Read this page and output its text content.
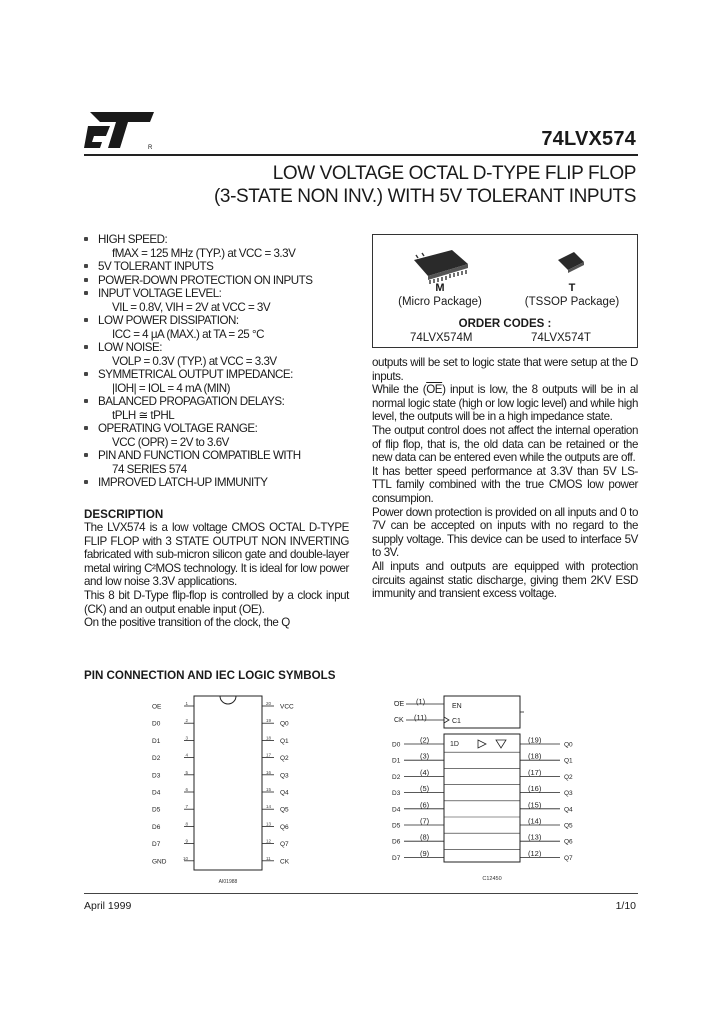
R	74LVX574
LOW VOLTAGE OCTAL D-TYPE FLIP FLOP
(3-STATE NON INV.) WITH 5V TOLERANT INPUTS
HIGH SPEED:
fMAX = 125 MHz (TYP.) at VCC = 3.3V
5V TOLERANT INPUTS
POWER-DOWN PROTECTION ON INPUTS
INPUT VOLTAGE LEVEL:
VIL = 0.8V, VIH = 2V at VCC = 3V
LOW POWER DISSIPATION:
ICC = 4 μA (MAX.) at TA = 25 °C
LOW NOISE:
VOLP = 0.3V (TYP.) at VCC = 3.3V
SYMMETRICAL OUTPUT IMPEDANCE:
|IOH| = IOL = 4 mA (MIN)
BALANCED PROPAGATION DELAYS:
tPLH ≅ tPHL
OPERATING VOLTAGE RANGE:
VCC (OPR) = 2V to 3.6V
PIN AND FUNCTION COMPATIBLE WITH
74 SERIES 574
IMPROVED LATCH-UP IMMUNITY
M
(Micro Package)
T
(TSSOP Package)
ORDER CODES :
74LVX574M	74LVX574T
DESCRIPTION

The LVX574 is a low voltage CMOS OCTAL D-TYPE FLIP FLOP with 3 STATE OUTPUT NON INVERTING fabricated with sub-micron silicon gate and double-layer metal wiring C²MOS technology. It is ideal for low power and low noise 3.3V applications.

This 8 bit D-Type flip-flop is controlled by a clock input (CK) and an output enable input (OE).

On the positive transition of the clock, the Q

outputs will be set to logic state that were setup at the D inputs.

While the $(\overline{OE})$ input is low, the 8 outputs will be in al normal logic state (high or low logic level) and while high level, the outputs will be in a high impedance state.

The output control does not affect the internal operation of flip flop, that is, the old data can be retained or the new data can be entered even while the outputs are off.

It has better speed performance at 3.3V than 5V LS-TTL family combined with the true CMOS low power consumpion.

Power down protection is provided on all inputs and 0 to 7V can be accepted on inputs with no regard to the supply voltage. This device can be used to interface 5V to 3V.

All inputs and outputs are equipped with protection circuits against static discharge, giving them 2KV ESD immunity and transient excess voltage.

PIN CONNECTION AND IEC LOGIC SYMBOLS
OE	1
D0	2
D1	3
D2	4
D3	5
D4	6
D5	7
D6	8
D7	9
GND	10
VCC
20
Q0
19
Q1
18
Q2
17
Q3
16
Q4
15
Q5
14
Q6
13
Q7
12
CK
11
AI01988
OE (1)
EN
CK (11)	C1
1D
D0
(2)	(19)
Q0
D1
(3)	(18)
Q1
D2
(4)	(17)
Q2
D3
(5)	(16)
Q3
D4
(6)	(15)
Q4
D5
(7)	(14)
Q5
D6
(8)	(13)
Q6
D7
(9)	(12)
Q7
C12450
April 1999	1/10
